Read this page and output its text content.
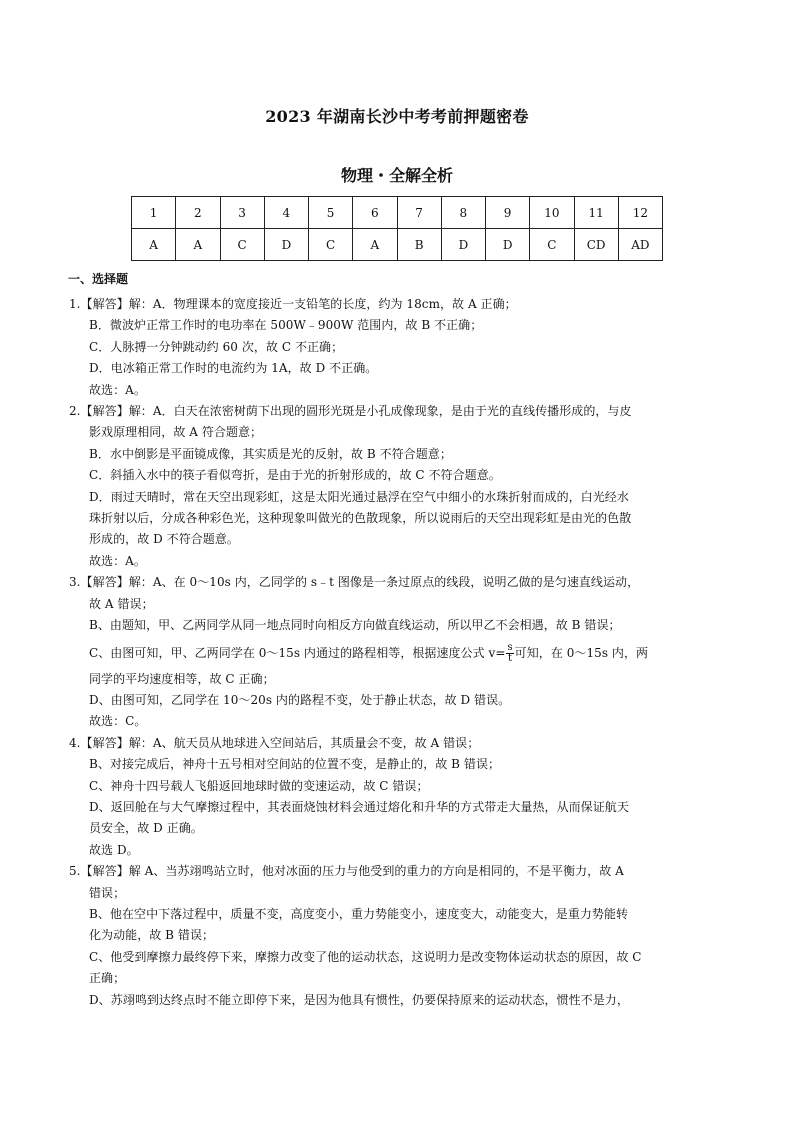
2023 年湖南长沙中考考前押题密卷
物理・全解全析
1	2	3	4	5	6	7	8	9	10	11	12
A	A	C	D	C	A	B	D	D	C	CD	AD
一、选择题
1.【解答】解：A．物理课本的宽度接近一支铅笔的长度，约为 18cm，故 A 正确；
B．微波炉正常工作时的电功率在 500W﹣900W 范围内，故 B 不正确；
C．人脉搏一分钟跳动约 60 次，故 C 不正确；
D．电冰箱正常工作时的电流约为 1A，故 D 不正确。
故选：A。
2.【解答】解：A．白天在浓密树荫下出现的圆形光斑是小孔成像现象，是由于光的直线传播形成的，与皮
影戏原理相同，故 A 符合题意；
B．水中倒影是平面镜成像，其实质是光的反射，故 B 不符合题意；
C．斜插入水中的筷子看似弯折，是由于光的折射形成的，故 C 不符合题意。
D．雨过天晴时，常在天空出现彩虹，这是太阳光通过悬浮在空气中细小的水珠折射而成的，白光经水
珠折射以后，分成各种彩色光，这种现象叫做光的色散现象，所以说雨后的天空出现彩虹是由光的色散
形成的，故 D 不符合题意。
故选：A。
3.【解答】解：A、在 0～10s 内，乙同学的 s﹣t 图像是一条过原点的线段，说明乙做的是匀速直线运动，
故 A 错误；
B、由题知，甲、乙两同学从同一地点同时向相反方向做直线运动，所以甲乙不会相遇，故 B 错误；
C、由图可知，甲、乙两同学在 0～15s 内通过的路程相等，根据速度公式 $v= \frac{s}{t}$ 可知，在 0～15s 内，两
同学的平均速度相等，故 C 正确；
D、由图可知，乙同学在 10～20s 内的路程不变，处于静止状态，故 D 错误。
故选：C。
4.【解答】解：A、航天员从地球进入空间站后，其质量会不变，故 A 错误；
B、对接完成后，神舟十五号相对空间站的位置不变，是静止的，故 B 错误；
C、神舟十四号载人飞船返回地球时做的变速运动，故 C 错误；
D、返回舱在与大气摩擦过程中，其表面烧蚀材料会通过熔化和升华的方式带走大量热，从而保证航天
员安全，故 D 正确。
故选 D。
5.【解答】解 A、当苏翊鸣站立时，他对冰面的压力与他受到的重力的方向是相同的，不是平衡力，故 A
错误；
B、他在空中下落过程中，质量不变，高度变小，重力势能变小，速度变大，动能变大，是重力势能转
化为动能，故 B 错误；
C、他受到摩擦力最终停下来，摩擦力改变了他的运动状态，这说明力是改变物体运动状态的原因，故 C
正确；
D、苏翊鸣到达终点时不能立即停下来，是因为他具有惯性，仍要保持原来的运动状态，惯性不是力，
